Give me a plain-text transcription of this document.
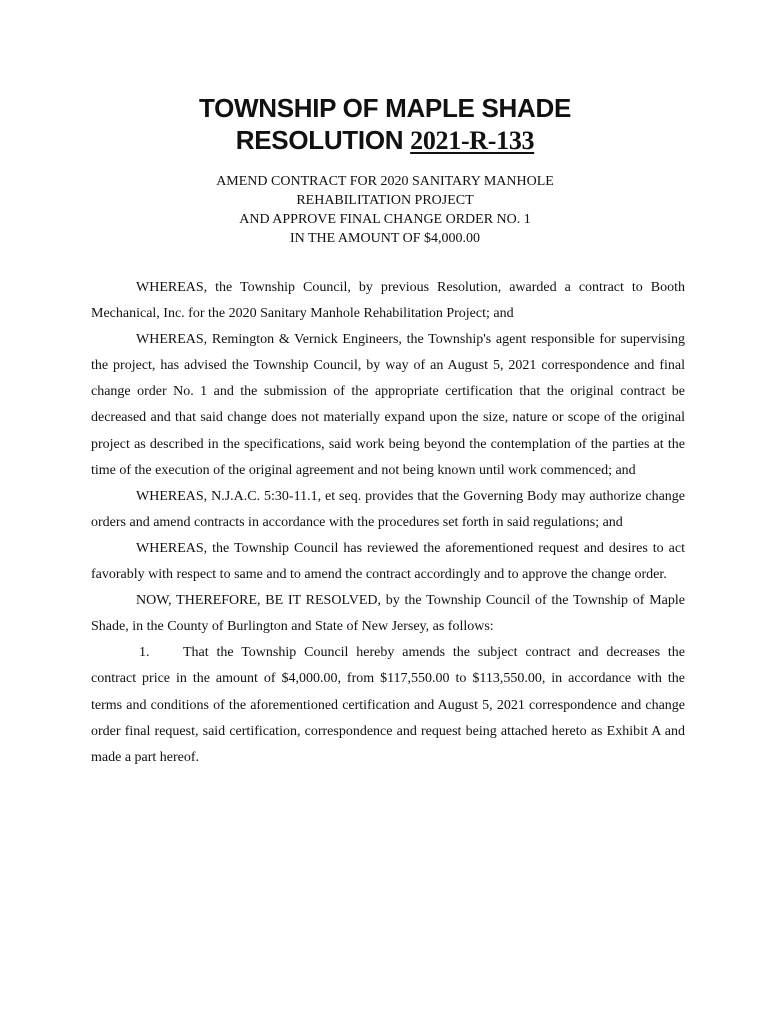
TOWNSHIP OF MAPLE SHADE
RESOLUTION 2021-R-133
AMEND CONTRACT FOR 2020 SANITARY MANHOLE
REHABILITATION PROJECT
AND APPROVE FINAL CHANGE ORDER NO. 1
IN THE AMOUNT OF $4,000.00

WHEREAS, the Township Council, by previous Resolution, awarded a contract to Booth Mechanical, Inc. for the 2020 Sanitary Manhole Rehabilitation Project; and

WHEREAS, Remington & Vernick Engineers, the Township's agent responsible for supervising the project, has advised the Township Council, by way of an August 5, 2021 correspondence and final change order No. 1 and the submission of the appropriate certification that the original contract be decreased and that said change does not materially expand upon the size, nature or scope of the original project as described in the specifications, said work being beyond the contemplation of the parties at the time of the execution of the original agreement and not being known until work commenced; and

WHEREAS, N.J.A.C. 5:30-11.1, et seq. provides that the Governing Body may authorize change orders and amend contracts in accordance with the procedures set forth in said regulations; and

WHEREAS, the Township Council has reviewed the aforementioned request and desires to act favorably with respect to same and to amend the contract accordingly and to approve the change order.

NOW, THEREFORE, BE IT RESOLVED, by the Township Council of the Township of Maple Shade, in the County of Burlington and State of New Jersey, as follows:

1. That the Township Council hereby amends the subject contract and decreases the contract price in the amount of $4,000.00, from $117,550.00 to $113,550.00, in accordance with the terms and conditions of the aforementioned certification and August 5, 2021 correspondence and change order final request, said certification, correspondence and request being attached hereto as Exhibit A and made a part hereof.
